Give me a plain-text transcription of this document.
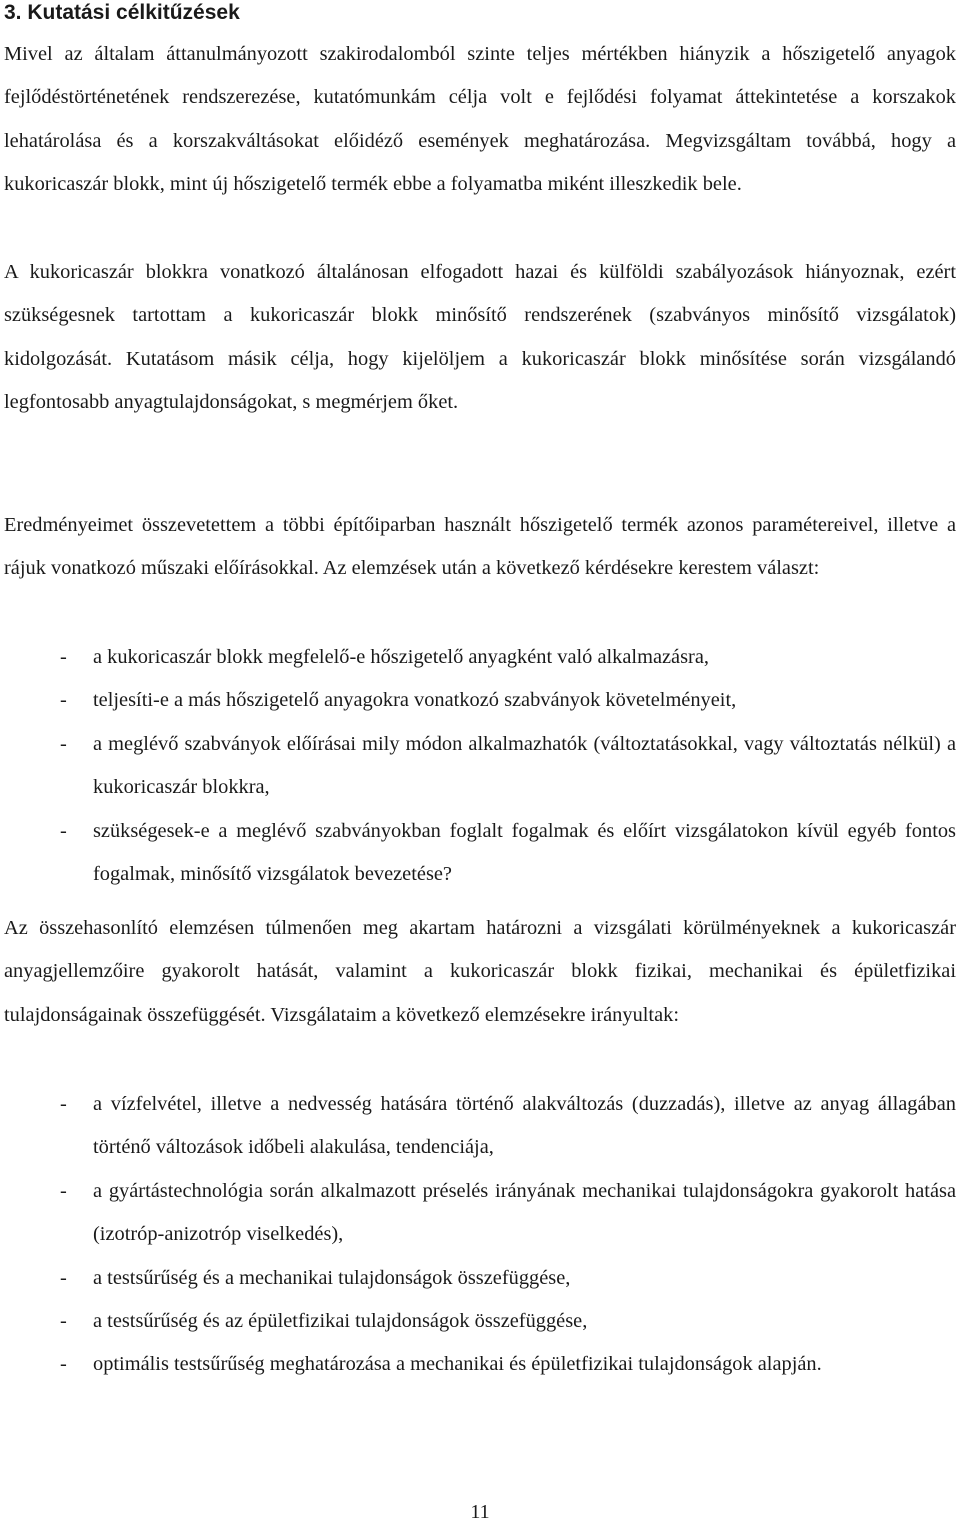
3. Kutatási célkitűzések

Mivel az általam áttanulmányozott szakirodalomból szinte teljes mértékben hiányzik a hőszigetelő anyagok fejlődéstörténetének rendszerezése, kutatómunkám célja volt e fejlődési folyamat áttekintetése a korszakok lehatárolása és a korszakváltásokat előidéző események meghatározása. Megvizsgáltam továbbá, hogy a kukoricaszár blokk, mint új hőszigetelő termék ebbe a folyamatba miként illeszkedik bele.

A kukoricaszár blokkra vonatkozó általánosan elfogadott hazai és külföldi szabályozások hiányoznak, ezért szükségesnek tartottam a kukoricaszár blokk minősítő rendszerének (szabványos minősítő vizsgálatok) kidolgozását. Kutatásom másik célja, hogy kijelöljem a kukoricaszár blokk minősítése során vizsgálandó legfontosabb anyagtulajdonságokat, s megmérjem őket.

Eredményeimet összevetettem a többi építőiparban használt hőszigetelő termék azonos paramétereivel, illetve a rájuk vonatkozó műszaki előírásokkal. Az elemzések után a következő kérdésekre kerestem választ:

- a kukoricaszár blokk megfelelő-e hőszigetelő anyagként való alkalmazásra,
- teljesíti-e a más hőszigetelő anyagokra vonatkozó szabványok követelményeit,
- a meglévő szabványok előírásai mily módon alkalmazhatók (változtatásokkal, vagy változtatás nélkül) a kukoricaszár blokkra,
- szükségesek-e a meglévő szabványokban foglalt fogalmak és előírt vizsgálatokon kívül egyéb fontos fogalmak, minősítő vizsgálatok bevezetése?

Az összehasonlító elemzésen túlmenően meg akartam határozni a vizsgálati körülményeknek a kukoricaszár anyagjellemzőire gyakorolt hatását, valamint a kukoricaszár blokk fizikai, mechanikai és épületfizikai tulajdonságainak összefüggését. Vizsgálataim a következő elemzésekre irányultak:

- a vízfelvétel, illetve a nedvesség hatására történő alakváltozás (duzzadás), illetve az anyag állagában történő változások időbeli alakulása, tendenciája,
- a gyártástechnológia során alkalmazott préselés irányának mechanikai tulajdonságokra gyakorolt hatása (izotróp-anizotróp viselkedés),
- a testsűrűség és a mechanikai tulajdonságok összefüggése,
- a testsűrűség és az épületfizikai tulajdonságok összefüggése,
- optimális testsűrűség meghatározása a mechanikai és épületfizikai tulajdonságok alapján.
11
